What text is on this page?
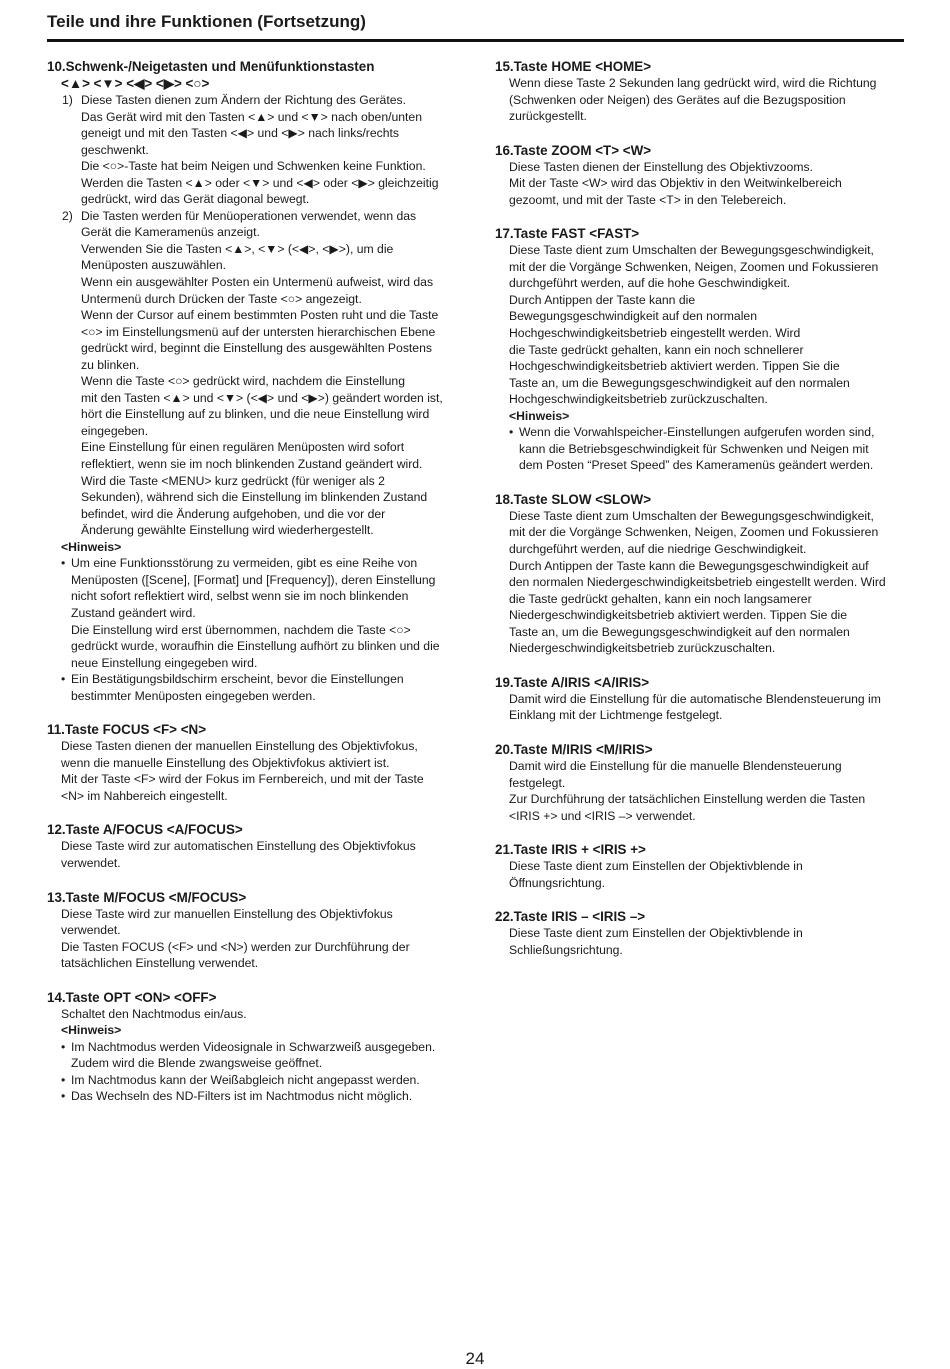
Teile und ihre Funktionen (Fortsetzung)
10.Schwenk-/Neigetasten und Menüfunktionstasten
<▲> <▼> <◀> <▶> <○>
1) Diese Tasten dienen zum Ändern der Richtung des Gerätes.
Das Gerät wird mit den Tasten <▲> und <▼> nach oben/unten
geneigt und mit den Tasten <◀> und <▶> nach links/rechts
geschwenkt.
Die <○>-Taste hat beim Neigen und Schwenken keine Funktion.
Werden die Tasten <▲> oder <▼> und <◀> oder <▶> gleichzeitig
gedrückt, wird das Gerät diagonal bewegt.
2) Die Tasten werden für Menüoperationen verwendet, wenn das
Gerät die Kameramenüs anzeigt.
Verwenden Sie die Tasten <▲>, <▼> (<◀>, <▶>), um die
Menüposten auszuwählen.
Wenn ein ausgewählter Posten ein Untermenü aufweist, wird das
Untermenü durch Drücken der Taste <○> angezeigt.
Wenn der Cursor auf einem bestimmten Posten ruht und die Taste
<○> im Einstellungsmenü auf der untersten hierarchischen Ebene
gedrückt wird, beginnt die Einstellung des ausgewählten Postens
zu blinken.
Wenn die Taste <○> gedrückt wird, nachdem die Einstellung
mit den Tasten <▲> und <▼> (<◀> und <▶>) geändert worden ist,
hört die Einstellung auf zu blinken, und die neue Einstellung wird
eingegeben.
Eine Einstellung für einen regulären Menüposten wird sofort
reflektiert, wenn sie im noch blinkenden Zustand geändert wird.
Wird die Taste <MENU> kurz gedrückt (für weniger als 2
Sekunden), während sich die Einstellung im blinkenden Zustand
befindet, wird die Änderung aufgehoben, und die vor der
Änderung gewählte Einstellung wird wiederhergestellt.
<Hinweis>
• Um eine Funktionsstörung zu vermeiden, gibt es eine Reihe von
Menüposten ([Scene], [Format] und [Frequency]), deren Einstellung
nicht sofort reflektiert wird, selbst wenn sie im noch blinkenden
Zustand geändert wird.
Die Einstellung wird erst übernommen, nachdem die Taste <○>
gedrückt wurde, woraufhin die Einstellung aufhört zu blinken und die
neue Einstellung eingegeben wird.
• Ein Bestätigungsbildschirm erscheint, bevor die Einstellungen
bestimmter Menüposten eingegeben werden.
11.Taste FOCUS <F> <N>
Diese Tasten dienen der manuellen Einstellung des Objektivfokus,
wenn die manuelle Einstellung des Objektivfokus aktiviert ist.
Mit der Taste <F> wird der Fokus im Fernbereich, und mit der Taste
<N> im Nahbereich eingestellt.
12.Taste A/FOCUS <A/FOCUS>
Diese Taste wird zur automatischen Einstellung des Objektivfokus
verwendet.
13.Taste M/FOCUS <M/FOCUS>
Diese Taste wird zur manuellen Einstellung des Objektivfokus
verwendet.
Die Tasten FOCUS (<F> und <N>) werden zur Durchführung der
tatsächlichen Einstellung verwendet.
14.Taste OPT <ON> <OFF>
Schaltet den Nachtmodus ein/aus.
<Hinweis>
• Im Nachtmodus werden Videosignale in Schwarzweiß ausgegeben.
Zudem wird die Blende zwangsweise geöffnet.
• Im Nachtmodus kann der Weißabgleich nicht angepasst werden.
• Das Wechseln des ND-Filters ist im Nachtmodus nicht möglich.
15.Taste HOME <HOME>
Wenn diese Taste 2 Sekunden lang gedrückt wird, wird die Richtung
(Schwenken oder Neigen) des Gerätes auf die Bezugsposition
zurückgestellt.
16.Taste ZOOM <T> <W>
Diese Tasten dienen der Einstellung des Objektivzooms.
Mit der Taste <W> wird das Objektiv in den Weitwinkelbereich
gezoomt, und mit der Taste <T> in den Telebereich.
17.Taste FAST <FAST>
Diese Taste dient zum Umschalten der Bewegungsgeschwindigkeit,
mit der die Vorgänge Schwenken, Neigen, Zoomen und Fokussieren
durchgeführt werden, auf die hohe Geschwindigkeit.
Durch Antippen der Taste kann die
Bewegungsgeschwindigkeit auf den normalen
Hochgeschwindigkeitsbetrieb eingestellt werden. Wird
die Taste gedrückt gehalten, kann ein noch schnellerer
Hochgeschwindigkeitsbetrieb aktiviert werden. Tippen Sie die
Taste an, um die Bewegungsgeschwindigkeit auf den normalen
Hochgeschwindigkeitsbetrieb zurückzuschalten.
<Hinweis>
• Wenn die Vorwahlspeicher-Einstellungen aufgerufen worden sind,
kann die Betriebsgeschwindigkeit für Schwenken und Neigen mit
dem Posten “Preset Speed” des Kameramenüs geändert werden.
18.Taste SLOW <SLOW>
Diese Taste dient zum Umschalten der Bewegungsgeschwindigkeit,
mit der die Vorgänge Schwenken, Neigen, Zoomen und Fokussieren
durchgeführt werden, auf die niedrige Geschwindigkeit.
Durch Antippen der Taste kann die Bewegungsgeschwindigkeit auf
den normalen Niedergeschwindigkeitsbetrieb eingestellt werden. Wird
die Taste gedrückt gehalten, kann ein noch langsamerer
Niedergeschwindigkeitsbetrieb aktiviert werden. Tippen Sie die
Taste an, um die Bewegungsgeschwindigkeit auf den normalen
Niedergeschwindigkeitsbetrieb zurückzuschalten.
19.Taste A/IRIS <A/IRIS>
Damit wird die Einstellung für die automatische Blendensteuerung im
Einklang mit der Lichtmenge festgelegt.
20.Taste M/IRIS <M/IRIS>
Damit wird die Einstellung für die manuelle Blendensteuerung
festgelegt.
Zur Durchführung der tatsächlichen Einstellung werden die Tasten
<IRIS +> und <IRIS –> verwendet.
21.Taste IRIS + <IRIS +>
Diese Taste dient zum Einstellen der Objektivblende in
Öffnungsrichtung.
22.Taste IRIS – <IRIS –>
Diese Taste dient zum Einstellen der Objektivblende in
Schließungsrichtung.
24
